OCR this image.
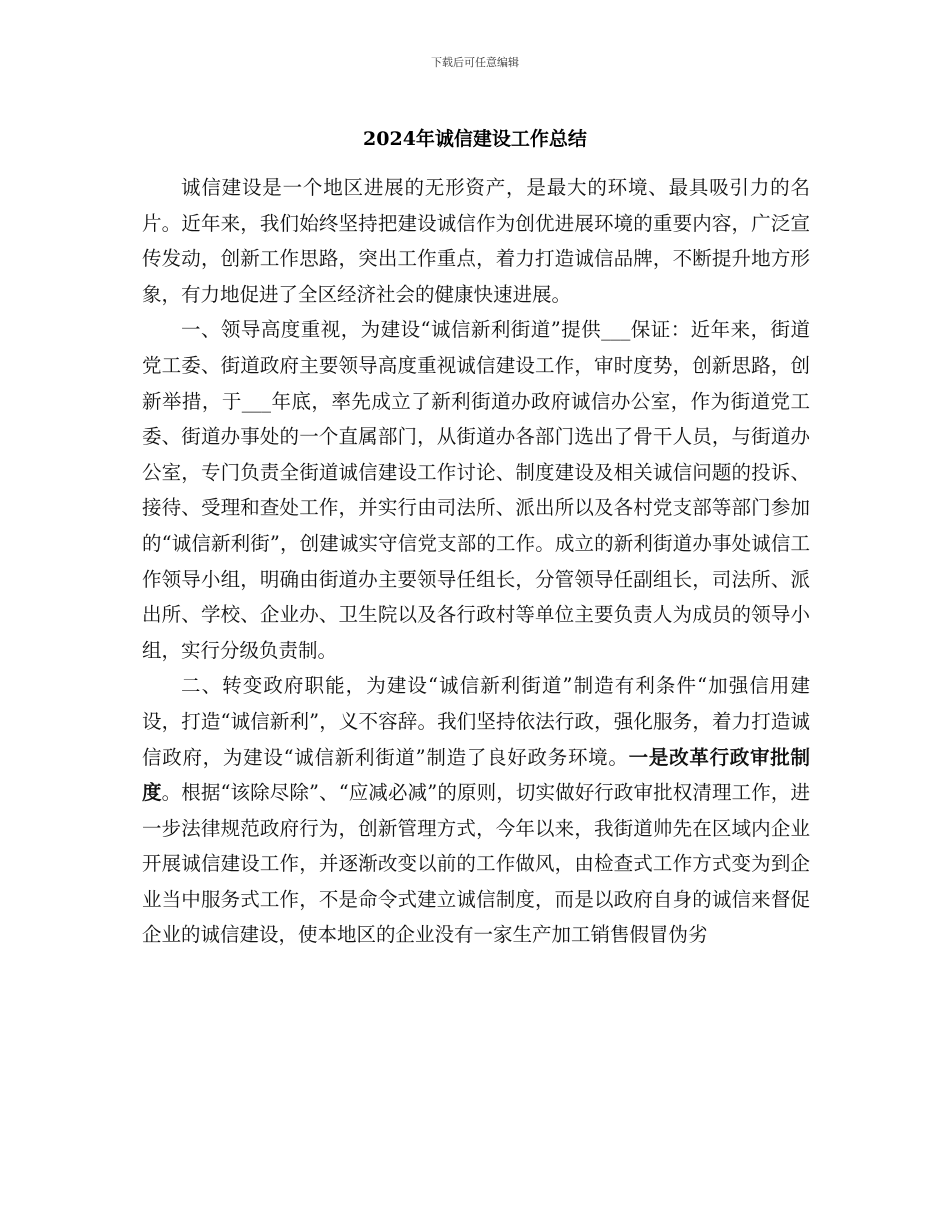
下载后可任意编辑
2024年诚信建设工作总结

诚信建设是一个地区进展的无形资产，是最大的环境、最具吸引力的名片。近年来，我们始终坚持把建设诚信作为创优进展环境的重要内容，广泛宣传发动，创新工作思路，突出工作重点，着力打造诚信品牌，不断提升地方形象，有力地促进了全区经济社会的健康快速进展。

一、领导高度重视，为建设“诚信新利街道”提供___保证：近年来，街道党工委、街道政府主要领导高度重视诚信建设工作，审时度势，创新思路，创新举措，于___年底，率先成立了新利街道办政府诚信办公室，作为街道党工委、街道办事处的一个直属部门，从街道办各部门选出了骨干人员，与街道办公室，专门负责全街道诚信建设工作讨论、制度建设及相关诚信问题的投诉、接待、受理和查处工作，并实行由司法所、派出所以及各村党支部等部门参加的“诚信新利街”，创建诚实守信党支部的工作。成立的新利街道办事处诚信工作领导小组，明确由街道办主要领导任组长，分管领导任副组长，司法所、派出所、学校、企业办、卫生院以及各行政村等单位主要负责人为成员的领导小组，实行分级负责制。

二、转变政府职能，为建设“诚信新利街道”制造有利条件“加强信用建设，打造“诚信新利”，义不容辞。我们坚持依法行政，强化服务，着力打造诚信政府，为建设“诚信新利街道”制造了良好政务环境。一是改革行政审批制度。根据“该除尽除”、“应减必减”的原则，切实做好行政审批权清理工作，进一步法律规范政府行为，创新管理方式，今年以来，我街道帅先在区域内企业开展诚信建设工作，并逐渐改变以前的工作做风，由检查式工作方式变为到企业当中服务式工作，不是命令式建立诚信制度，而是以政府自身的诚信来督促企业的诚信建设，使本地区的企业没有一家生产加工销售假冒伪劣
